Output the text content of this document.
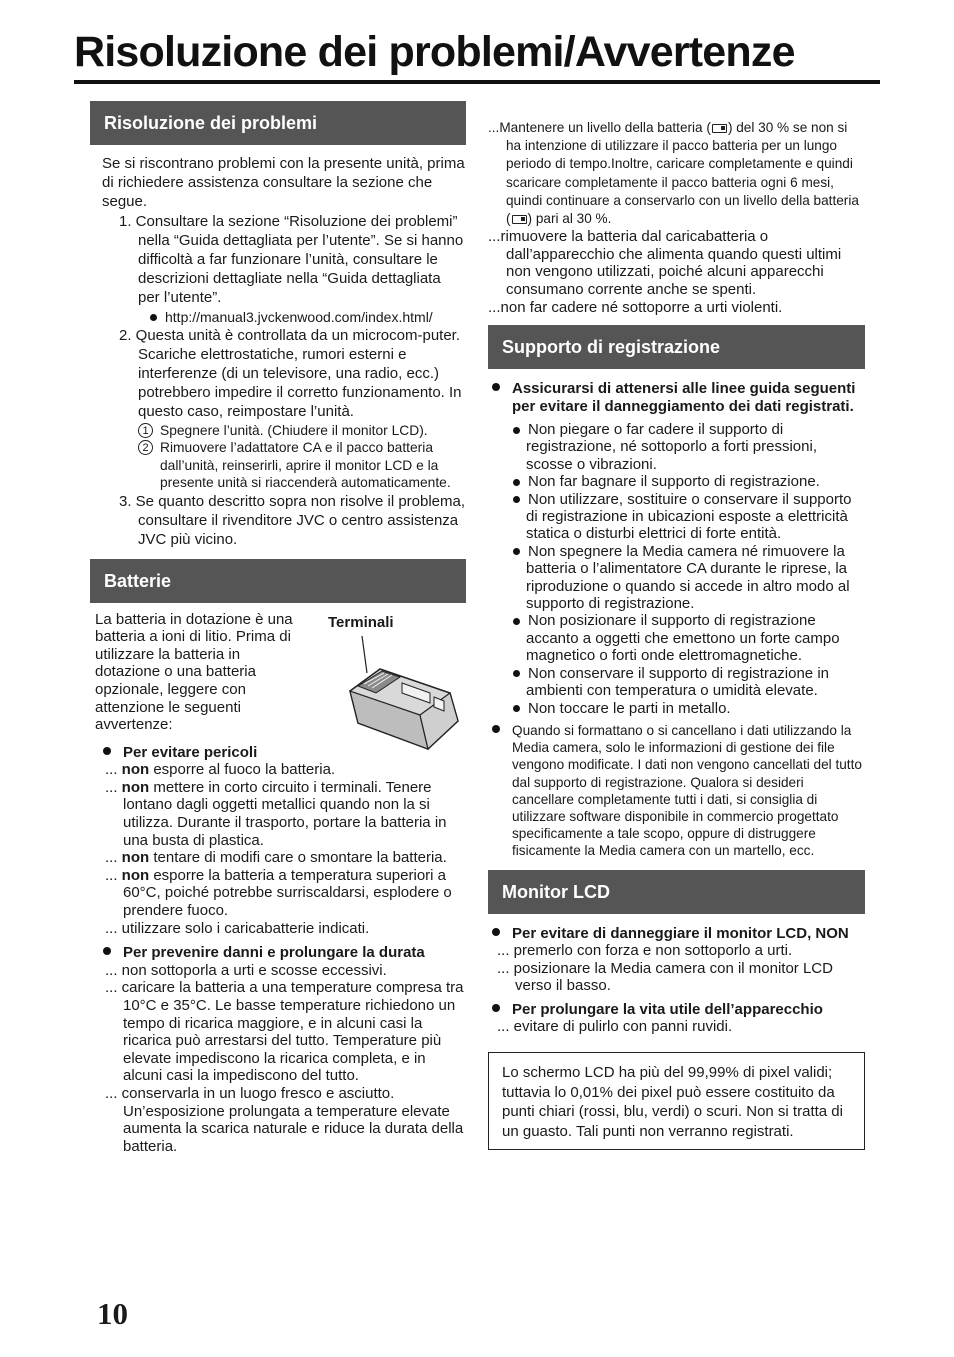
Risoluzione dei problemi/Avvertenze
Risoluzione dei problemi

Se si riscontrano problemi con la presente unità, prima di richiedere assistenza consultare la sezione che segue.

1. Consultare la sezione “Risoluzione dei problemi” nella “Guida dettagliata per l’utente”. Se si hanno difficoltà a far funzionare l’unità, consultare le descrizioni dettagliate nella “Guida dettagliata per l’utente”.

http://manual3.jvckenwood.com/index.html/

2. Questa unità è controllata da un microcom-puter. Scariche elettrostatiche, rumori esterni e interferenze (di un televisore, una radio, ecc.) potrebbero impedire il corretto funzionamento. In questo caso, reimpostare l’unità.

1 Spegnere l’unità. (Chiudere il monitor LCD).

2 Rimuovere l’adattatore CA e il pacco batteria dall’unità, reinserirli, aprire il monitor LCD e la presente unità si riaccenderà automaticamente.

3. Se quanto descritto sopra non risolve il problema, consultare il rivenditore JVC o centro assistenza JVC più vicino.

Batterie
La batteria in dotazione è una batteria a ioni di litio. Prima di utilizzare la batteria in dotazione o una batteria opzionale, leggere con attenzione le seguenti avvertenze:
Terminali

Per evitare pericoli

... non esporre al fuoco la batteria.

... non mettere in corto circuito i terminali. Tenere lontano dagli oggetti metallici quando non la si utilizza. Durante il trasporto, portare la batteria in una busta di plastica.

... non tentare di modifi care o smontare la batteria.

... non esporre la batteria a temperatura superiori a 60°C, poiché potrebbe surriscaldarsi, esplodere o prendere fuoco.

... utilizzare solo i caricabatterie indicati.

Per prevenire danni e prolungare la durata

... non sottoporla a urti e scosse eccessivi.

... caricare la batteria a una temperature compresa tra 10°C e 35°C. Le basse temperature richiedono un tempo di ricarica maggiore, e in alcuni casi la ricarica può arrestarsi del tutto. Temperature più elevate impediscono la ricarica completa, e in alcuni casi la impediscono del tutto.

... conservarla in un luogo fresco e asciutto. Un’esposizione prolungata a temperature elevate aumenta la scarica naturale e riduce la durata della batteria.

...Mantenere un livello della batteria ( ) del 30 % se non si ha intenzione di utilizzare il pacco batteria per un lungo periodo di tempo.Inoltre, caricare completamente e quindi scaricare completamente il pacco batteria ogni 6 mesi, quindi continuare a conservarlo con un livello della batteria ( ) pari al 30 %.

...rimuovere la batteria dal caricabatteria o dall’apparecchio che alimenta quando questi ultimi non vengono utilizzati, poiché alcuni apparecchi consumano corrente anche se spenti.

...non far cadere né sottoporre a urti violenti.

Supporto di registrazione

Assicurarsi di attenersi alle linee guida seguenti per evitare il danneggiamento dei dati registrati.

Non piegare o far cadere il supporto di registrazione, né sottoporlo a forti pressioni, scosse o vibrazioni.

Non far bagnare il supporto di registrazione.

Non utilizzare, sostituire o conservare il supporto di registrazione in ubicazioni esposte a elettricità statica o disturbi elettrici di forte entità.

Non spegnere la Media camera né rimuovere la batteria o l’alimentatore CA durante le riprese, la riproduzione o quando si accede in altro modo al supporto di registrazione.

Non posizionare il supporto di registrazione accanto a oggetti che emettono un forte campo magnetico o forti onde elettromagnetiche.

Non conservare il supporto di registrazione in ambienti con temperatura o umidità elevate.

Non toccare le parti in metallo.

Quando si formattano o si cancellano i dati utilizzando la Media camera, solo le informazioni di gestione dei file vengono modificate. I dati non vengono cancellati del tutto dal supporto di registrazione. Qualora si desideri cancellare completamente tutti i dati, si consiglia di utilizzare software disponibile in commercio progettato specificamente a tale scopo, oppure di distruggere fisicamente la Media camera con un martello, ecc.

Monitor LCD

Per evitare di danneggiare il monitor LCD, NON

... premerlo con forza e non sottoporlo a urti.

... posizionare la Media camera con il monitor LCD verso il basso.

Per prolungare la vita utile dell’apparecchio

... evitare di pulirlo con panni ruvidi.

Lo schermo LCD ha più del 99,99% di pixel validi; tuttavia lo 0,01% dei pixel può essere costituito da punti chiari (rossi, blu, verdi) o scuri. Non si tratta di un guasto. Tali punti non verranno registrati.
10
